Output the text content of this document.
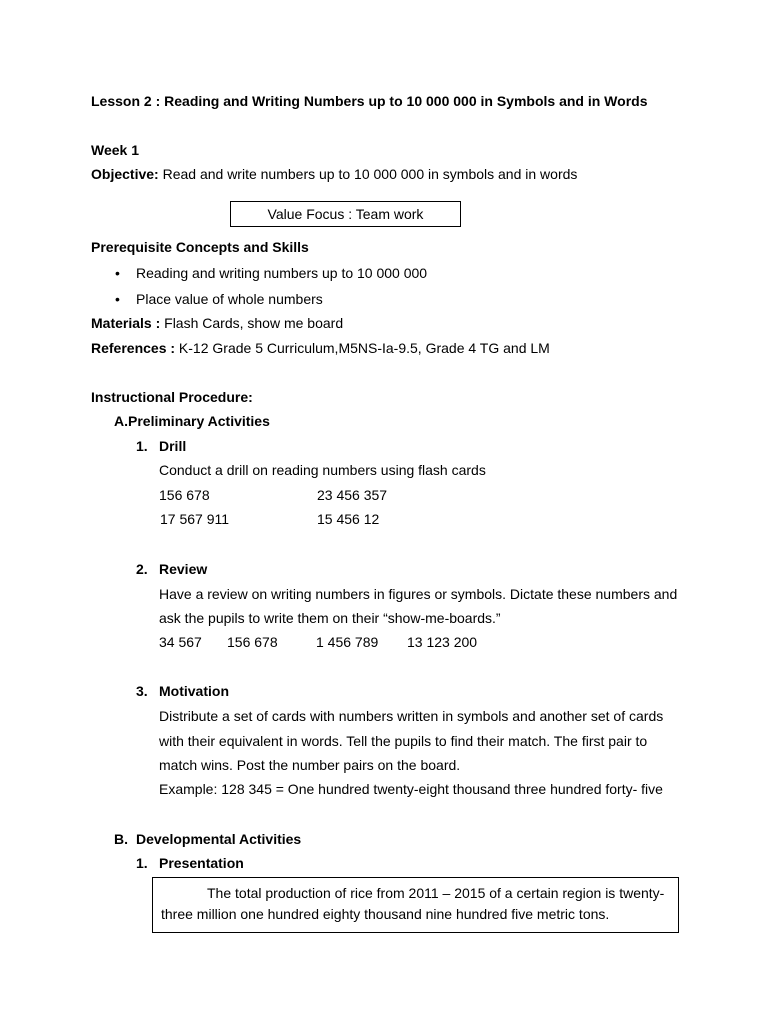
Lesson 2 : Reading and Writing Numbers up to 10 000 000 in Symbols and in Words
Week 1
Objective: Read and write numbers up to 10 000 000 in symbols and in words
Value Focus : Team work
Prerequisite Concepts and Skills
• Reading and writing numbers up to 10 000 000
• Place value of whole numbers
Materials : Flash Cards, show me board
References : K-12 Grade 5 Curriculum,M5NS-Ia-9.5, Grade 4 TG and LM
Instructional Procedure:
A.Preliminary Activities
1. Drill
Conduct a drill on reading numbers using flash cards
156 678	23 456 357
17 567 911	15 456 12
2. Review
Have a review on writing numbers in figures or symbols. Dictate these numbers and
ask the pupils to write them on their “show-me-boards.”
34 567 156 678	1 456 789 13 123 200
3. Motivation
Distribute a set of cards with numbers written in symbols and another set of cards
with their equivalent in words. Tell the pupils to find their match. The first pair to
match wins. Post the number pairs on the board.
Example: 128 345 = One hundred twenty-eight thousand three hundred forty- five
B. Developmental Activities
1. Presentation
The total production of rice from 2011 – 2015 of a certain region is twenty-
three million one hundred eighty thousand nine hundred five metric tons.
